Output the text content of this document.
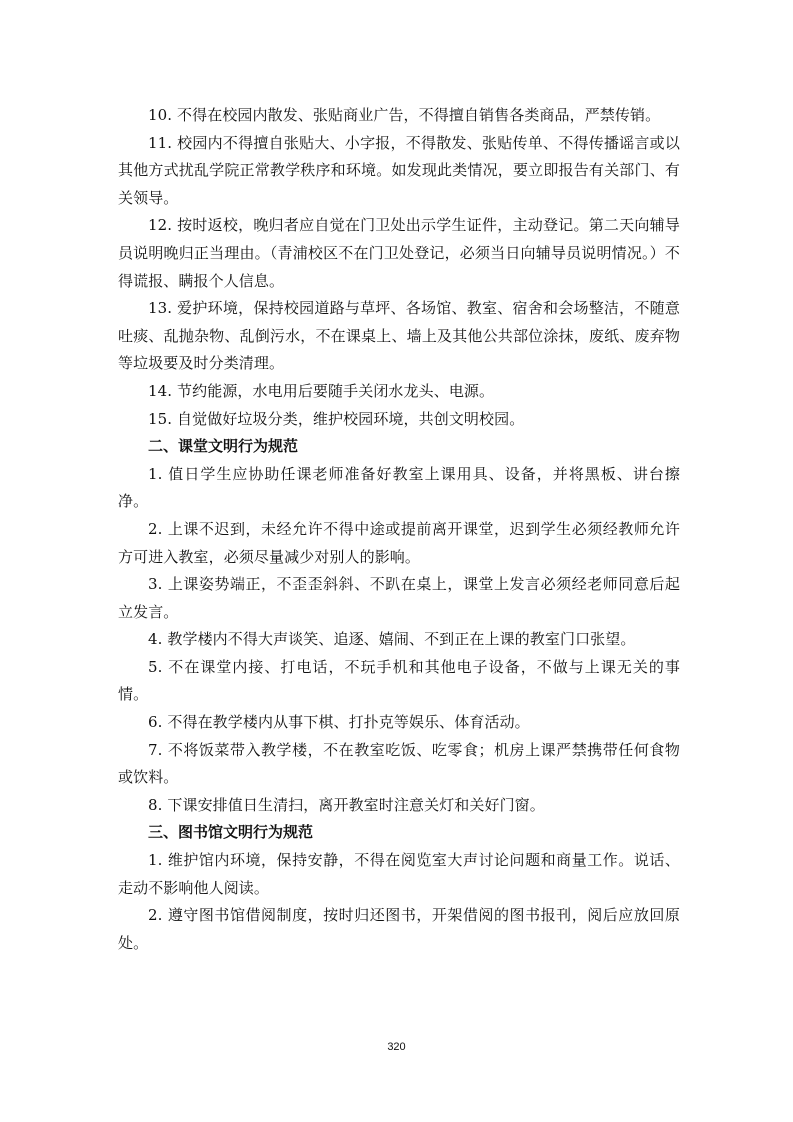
10. 不得在校园内散发、张贴商业广告，不得擅自销售各类商品，严禁传销。

11. 校园内不得擅自张贴大、小字报，不得散发、张贴传单、不得传播谣言或以其他方式扰乱学院正常教学秩序和环境。如发现此类情况，要立即报告有关部门、有关领导。

12. 按时返校，晚归者应自觉在门卫处出示学生证件，主动登记。第二天向辅导员说明晚归正当理由。（青浦校区不在门卫处登记，必须当日向辅导员说明情况。）不得谎报、瞒报个人信息。

13. 爱护环境，保持校园道路与草坪、各场馆、教室、宿舍和会场整洁，不随意吐痰、乱抛杂物、乱倒污水，不在课桌上、墙上及其他公共部位涂抹，废纸、废弃物等垃圾要及时分类清理。

14. 节约能源，水电用后要随手关闭水龙头、电源。

15. 自觉做好垃圾分类，维护校园环境，共创文明校园。

二、课堂文明行为规范

1. 值日学生应协助任课老师准备好教室上课用具、设备，并将黑板、讲台擦净。

2. 上课不迟到，未经允许不得中途或提前离开课堂，迟到学生必须经教师允许方可进入教室，必须尽量减少对别人的影响。

3. 上课姿势端正，不歪歪斜斜、不趴在桌上，课堂上发言必须经老师同意后起立发言。

4. 教学楼内不得大声谈笑、追逐、嬉闹、不到正在上课的教室门口张望。

5. 不在课堂内接、打电话，不玩手机和其他电子设备，不做与上课无关的事情。

6. 不得在教学楼内从事下棋、打扑克等娱乐、体育活动。

7. 不将饭菜带入教学楼，不在教室吃饭、吃零食；机房上课严禁携带任何食物或饮料。

8. 下课安排值日生清扫，离开教室时注意关灯和关好门窗。

三、图书馆文明行为规范

1. 维护馆内环境，保持安静，不得在阅览室大声讨论问题和商量工作。说话、走动不影响他人阅读。

2. 遵守图书馆借阅制度，按时归还图书，开架借阅的图书报刊，阅后应放回原处。

320
